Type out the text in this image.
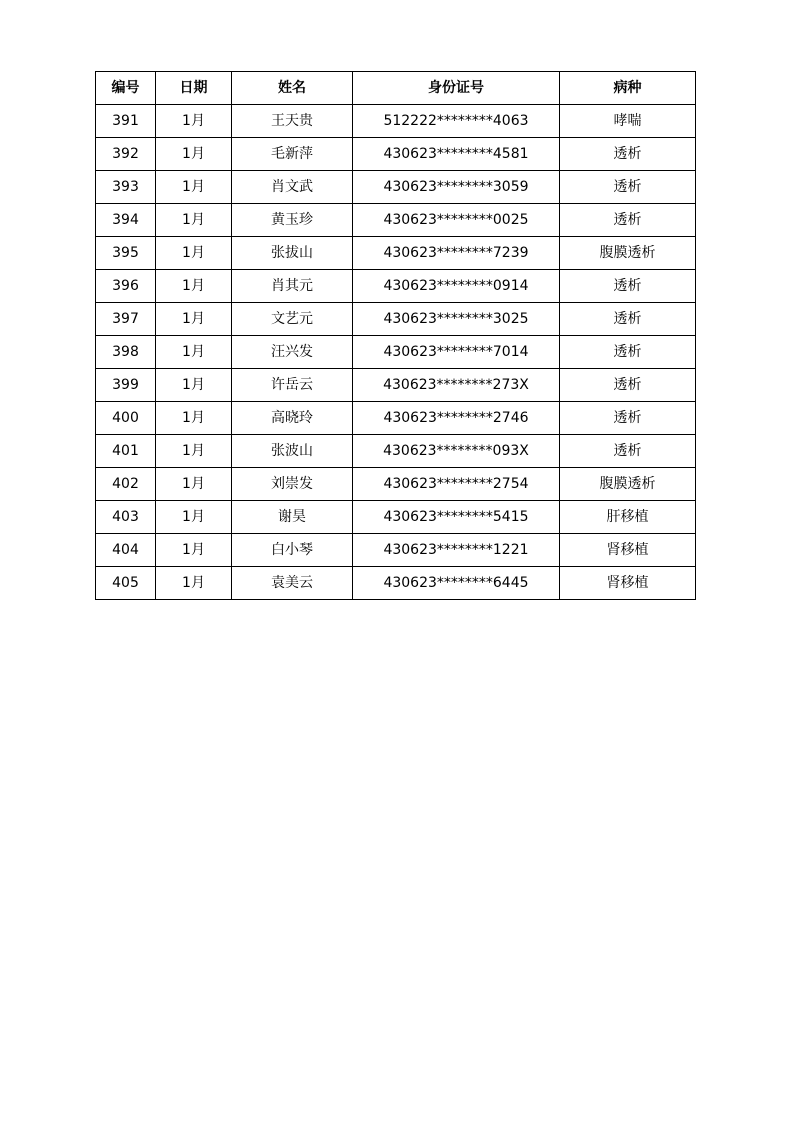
编号	日期	姓名	身份证号	病种
391	1月	王天贵	512222********4063	哮喘
392	1月	毛新萍	430623********4581	透析
393	1月	肖文武	430623********3059	透析
394	1月	黄玉珍	430623********0025	透析
395	1月	张拔山	430623********7239	腹膜透析
396	1月	肖其元	430623********0914	透析
397	1月	文艺元	430623********3025	透析
398	1月	汪兴发	430623********7014	透析
399	1月	许岳云	430623********273X	透析
400	1月	高晓玲	430623********2746	透析
401	1月	张波山	430623********093X	透析
402	1月	刘崇发	430623********2754	腹膜透析
403	1月	谢昊	430623********5415	肝移植
404	1月	白小琴	430623********1221	肾移植
405	1月	袁美云	430623********6445	肾移植
